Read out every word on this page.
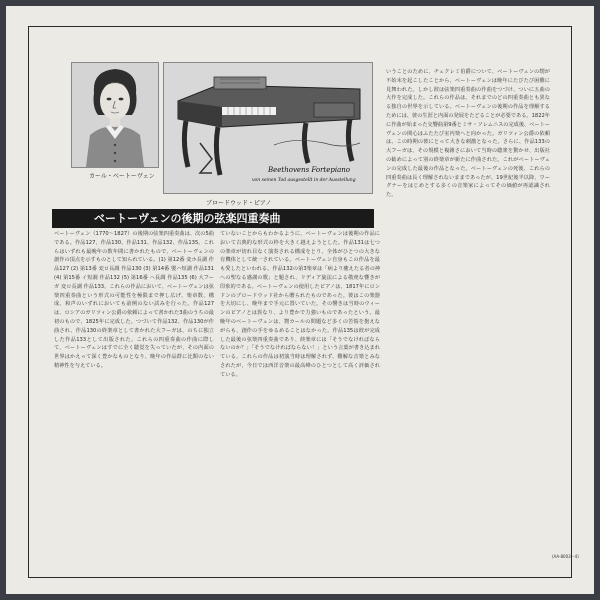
カール・ベートーヴェン
ブロードウッド・ピアノ
Beethovens Fortepiano
von seinen Tod ausgestellt in der Ausstellung
ベートーヴェンの後期の弦楽四重奏曲
ベートーヴェン（1770〜1827）の後期の弦楽四重奏曲は、次の5曲である。作品127、作品130、作品131、作品132、作品135。これらはいずれも最晩年の数年間に書かれたもので、ベートーヴェンの創作の頂点を示すものとして知られている。(1) 第12番 変ホ長調 作品127 (2) 第13番 変ロ長調 作品130 (3) 第14番 嬰ハ短調 作品131 (4) 第15番 イ短調 作品132 (5) 第16番 ヘ長調 作品135 (6) 大フーガ 変ロ長調 作品133。これらの作品において、ベートーヴェンは弦楽四重奏曲という形式の可能性を極限まで押し広げ、楽章数、構成、和声のいずれにおいても前例のない試みを行った。作品127は、ロシアのガリツィン公爵の依頼によって書かれた3曲のうちの最初のもので、1825年に完成した。つづいて作品132、作品130が作曲され、作品130の終楽章として書かれた大フーガは、のちに独立した作品133として出版された。これらの四重奏曲の作曲に際して、ベートーヴェンはすでに全く聴覚を失っていたが、その内面の世界はかえって深く豊かなものとなり、晩年の作品群に比類のない精神性を与えている。
ていないことからもわかるように、ベートーヴェンは後期の作品において古典的な形式の枠を大きく越えようとした。作品131は七つの楽章が切れ目なく演奏される構成をとり、全体がひとつの大きな有機体として統一されている。ベートーヴェン自身もこの作品を最も愛したといわれる。作品132の第3楽章は「病より癒えたる者の神への聖なる感謝の歌」と題され、リディア旋法による敬虔な響きが印象的である。ベートーヴェンの使用したピアノは、1817年にロンドンのブロードウッド社から贈られたものであった。彼はこの楽器を大切にし、晩年まで手元に置いていた。その響きは当時のウィーンのピアノとは異なり、より豊かで力強いものであったという。最晩年のベートーヴェンは、甥カールの問題など多くの苦悩を抱えながらも、創作の手をゆるめることはなかった。作品135は彼が完成した最後の弦楽四重奏曲であり、終楽章には「そうでなければならないのか？」「そうでなければならない！」という言葉が書き込まれている。これらの作品は初演当時は理解されず、難解な音楽とみなされたが、今日では西洋音楽の最高峰のひとつとして高く評価されている。
いうことのために、チェクレミ伯爵について、ベートーヴェンの甥が不始末を起こしたことから、ベートーヴェンは晩年にたびたび困難に見舞われた。しかし彼は弦楽四重奏曲の作曲をつづけ、ついに五曲の大作を完成した。これらの作品は、それまでのどの四重奏曲とも異なる独自の世界を示している。ベートーヴェンの後期の作品を理解するためには、彼の生涯と内面の発展をたどることが必要である。1822年に作曲が始まった交響曲第9番とミサ・ソレムニスの完成後、ベートーヴェンの関心はふたたび室内楽へと向かった。ガリツィン公爵の依頼は、この時期の彼にとって大きな刺激となった。さらに、作品133の大フーガは、その規模と複雑さにおいて当時の聴衆を驚かせ、出版社の勧めによって別の終楽章が新たに作曲された。これがベートーヴェンの完成した最後の作品となった。ベートーヴェンの死後、これらの四重奏曲は長く理解されないままであったが、19世紀後半以降、ワーグナーをはじめとする多くの音楽家によってその価値が再認識された。
(AA-8003〜4)
